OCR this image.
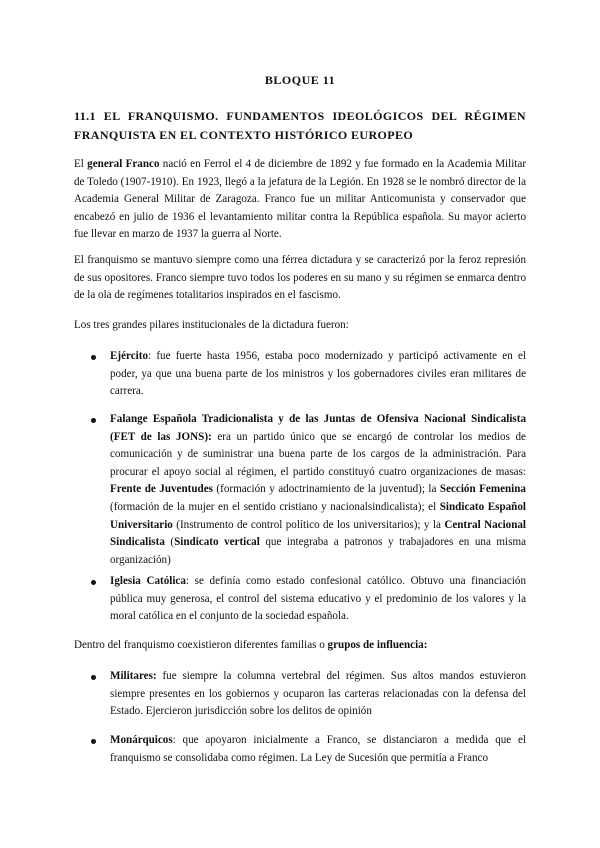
BLOQUE 11
11.1 EL FRANQUISMO. FUNDAMENTOS IDEOLÓGICOS DEL RÉGIMEN FRANQUISTA EN EL CONTEXTO HISTÓRICO EUROPEO

El general Franco nació en Ferrol el 4 de diciembre de 1892 y fue formado en la Academia Militar de Toledo (1907-1910). En 1923, llegó a la jefatura de la Legión. En 1928 se le nombró director de la Academia General Militar de Zaragoza. Franco fue un militar Anticomunista y conservador que encabezó en julio de 1936 el levantamiento militar contra la República española. Su mayor acierto fue llevar en marzo de 1937 la guerra al Norte.

El franquismo se mantuvo siempre como una férrea dictadura y se caracterizó por la feroz represión de sus opositores. Franco siempre tuvo todos los poderes en su mano y su régimen se enmarca dentro de la ola de regímenes totalitarios inspirados en el fascismo.

Los tres grandes pilares institucionales de la dictadura fueron:

Ejército: fue fuerte hasta 1956, estaba poco modernizado y participó activamente en el poder, ya que una buena parte de los ministros y los gobernadores civiles eran militares de carrera.

Falange Española Tradicionalista y de las Juntas de Ofensiva Nacional Sindicalista (FET de las JONS): era un partido único que se encargó de controlar los medios de comunicación y de suministrar una buena parte de los cargos de la administración. Para procurar el apoyo social al régimen, el partido constituyó cuatro organizaciones de masas: Frente de Juventudes (formación y adoctrinamiento de la juventud); la Sección Femenina (formación de la mujer en el sentido cristiano y nacionalsindicalista); el Sindicato Español Universitario (Instrumento de control político de los universitarios); y la Central Nacional Sindicalista (Sindicato vertical que integraba a patronos y trabajadores en una misma organización)

Iglesia Católica: se definía como estado confesional católico. Obtuvo una financiación pública muy generosa, el control del sistema educativo y el predominio de los valores y la moral católica en el conjunto de la sociedad española.

Dentro del franquismo coexistieron diferentes familias o grupos de influencia:

Militares: fue siempre la columna vertebral del régimen. Sus altos mandos estuvieron siempre presentes en los gobiernos y ocuparon las carteras relacionadas con la defensa del Estado. Ejercieron jurisdicción sobre los delitos de opinión

Monárquicos: que apoyaron inicialmente a Franco, se distanciaron a medida que el franquismo se consolidaba como régimen. La Ley de Sucesión que permitía a Franco
